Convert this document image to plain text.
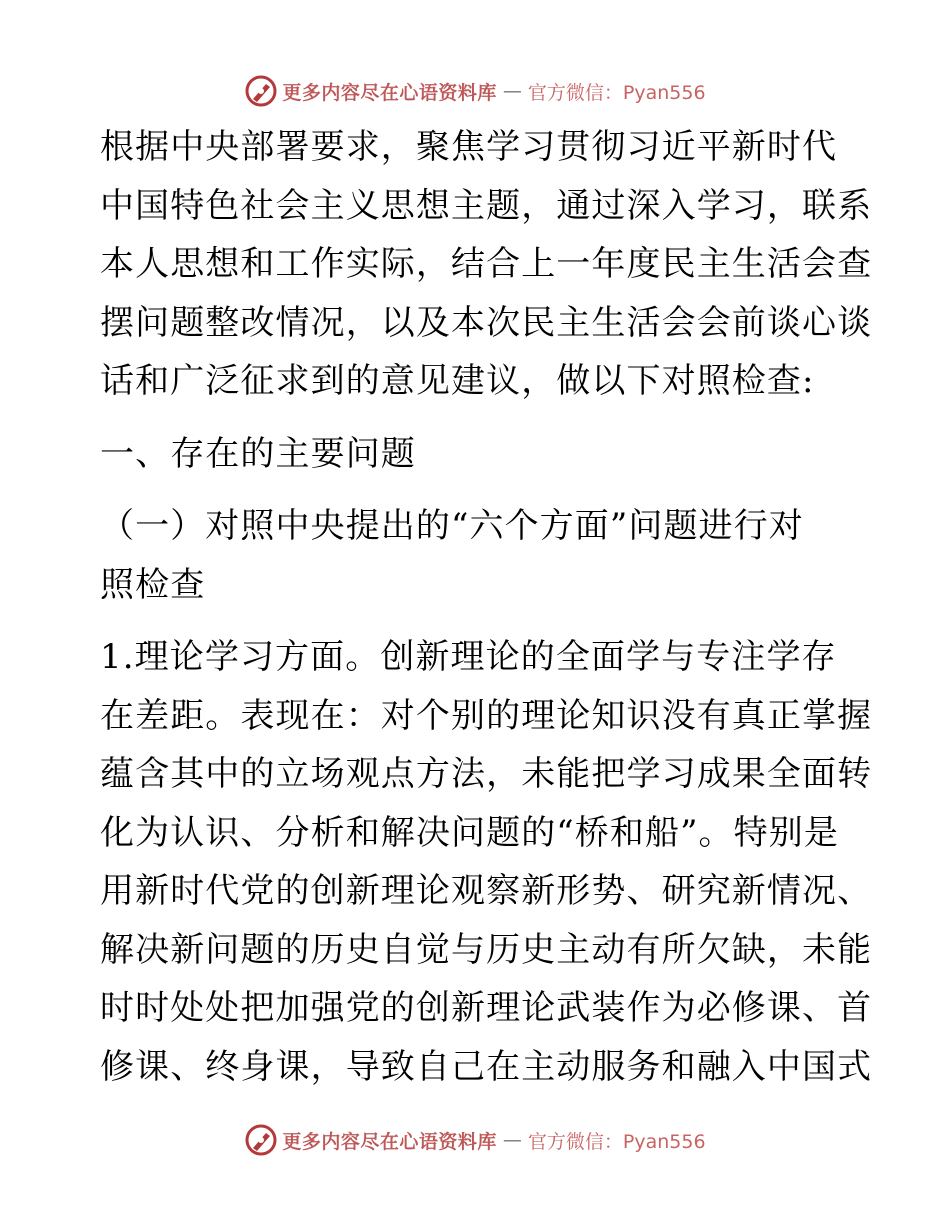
更多内容尽在心语资料库 — 官方微信：Pyan556
根据中央部署要求，聚焦学习贯彻习近平新时代
中国特色社会主义思想主题，通过深入学习，联系
本人思想和工作实际，结合上一年度民主生活会查
摆问题整改情况，以及本次民主生活会会前谈心谈
话和广泛征求到的意见建议，做以下对照检查:
一、存在的主要问题
（一）对照中央提出的“六个方面”问题进行对
照检查
1.理论学习方面。创新理论的全面学与专注学存
在差距。表现在：对个别的理论知识没有真正掌握
蕴含其中的立场观点方法，未能把学习成果全面转
化为认识、分析和解决问题的“桥和船”。特别是
用新时代党的创新理论观察新形势、研究新情况、
解决新问题的历史自觉与历史主动有所欠缺，未能
时时处处把加强党的创新理论武装作为必修课、首
修课、终身课，导致自己在主动服务和融入中国式
更多内容尽在心语资料库 — 官方微信：Pyan556
